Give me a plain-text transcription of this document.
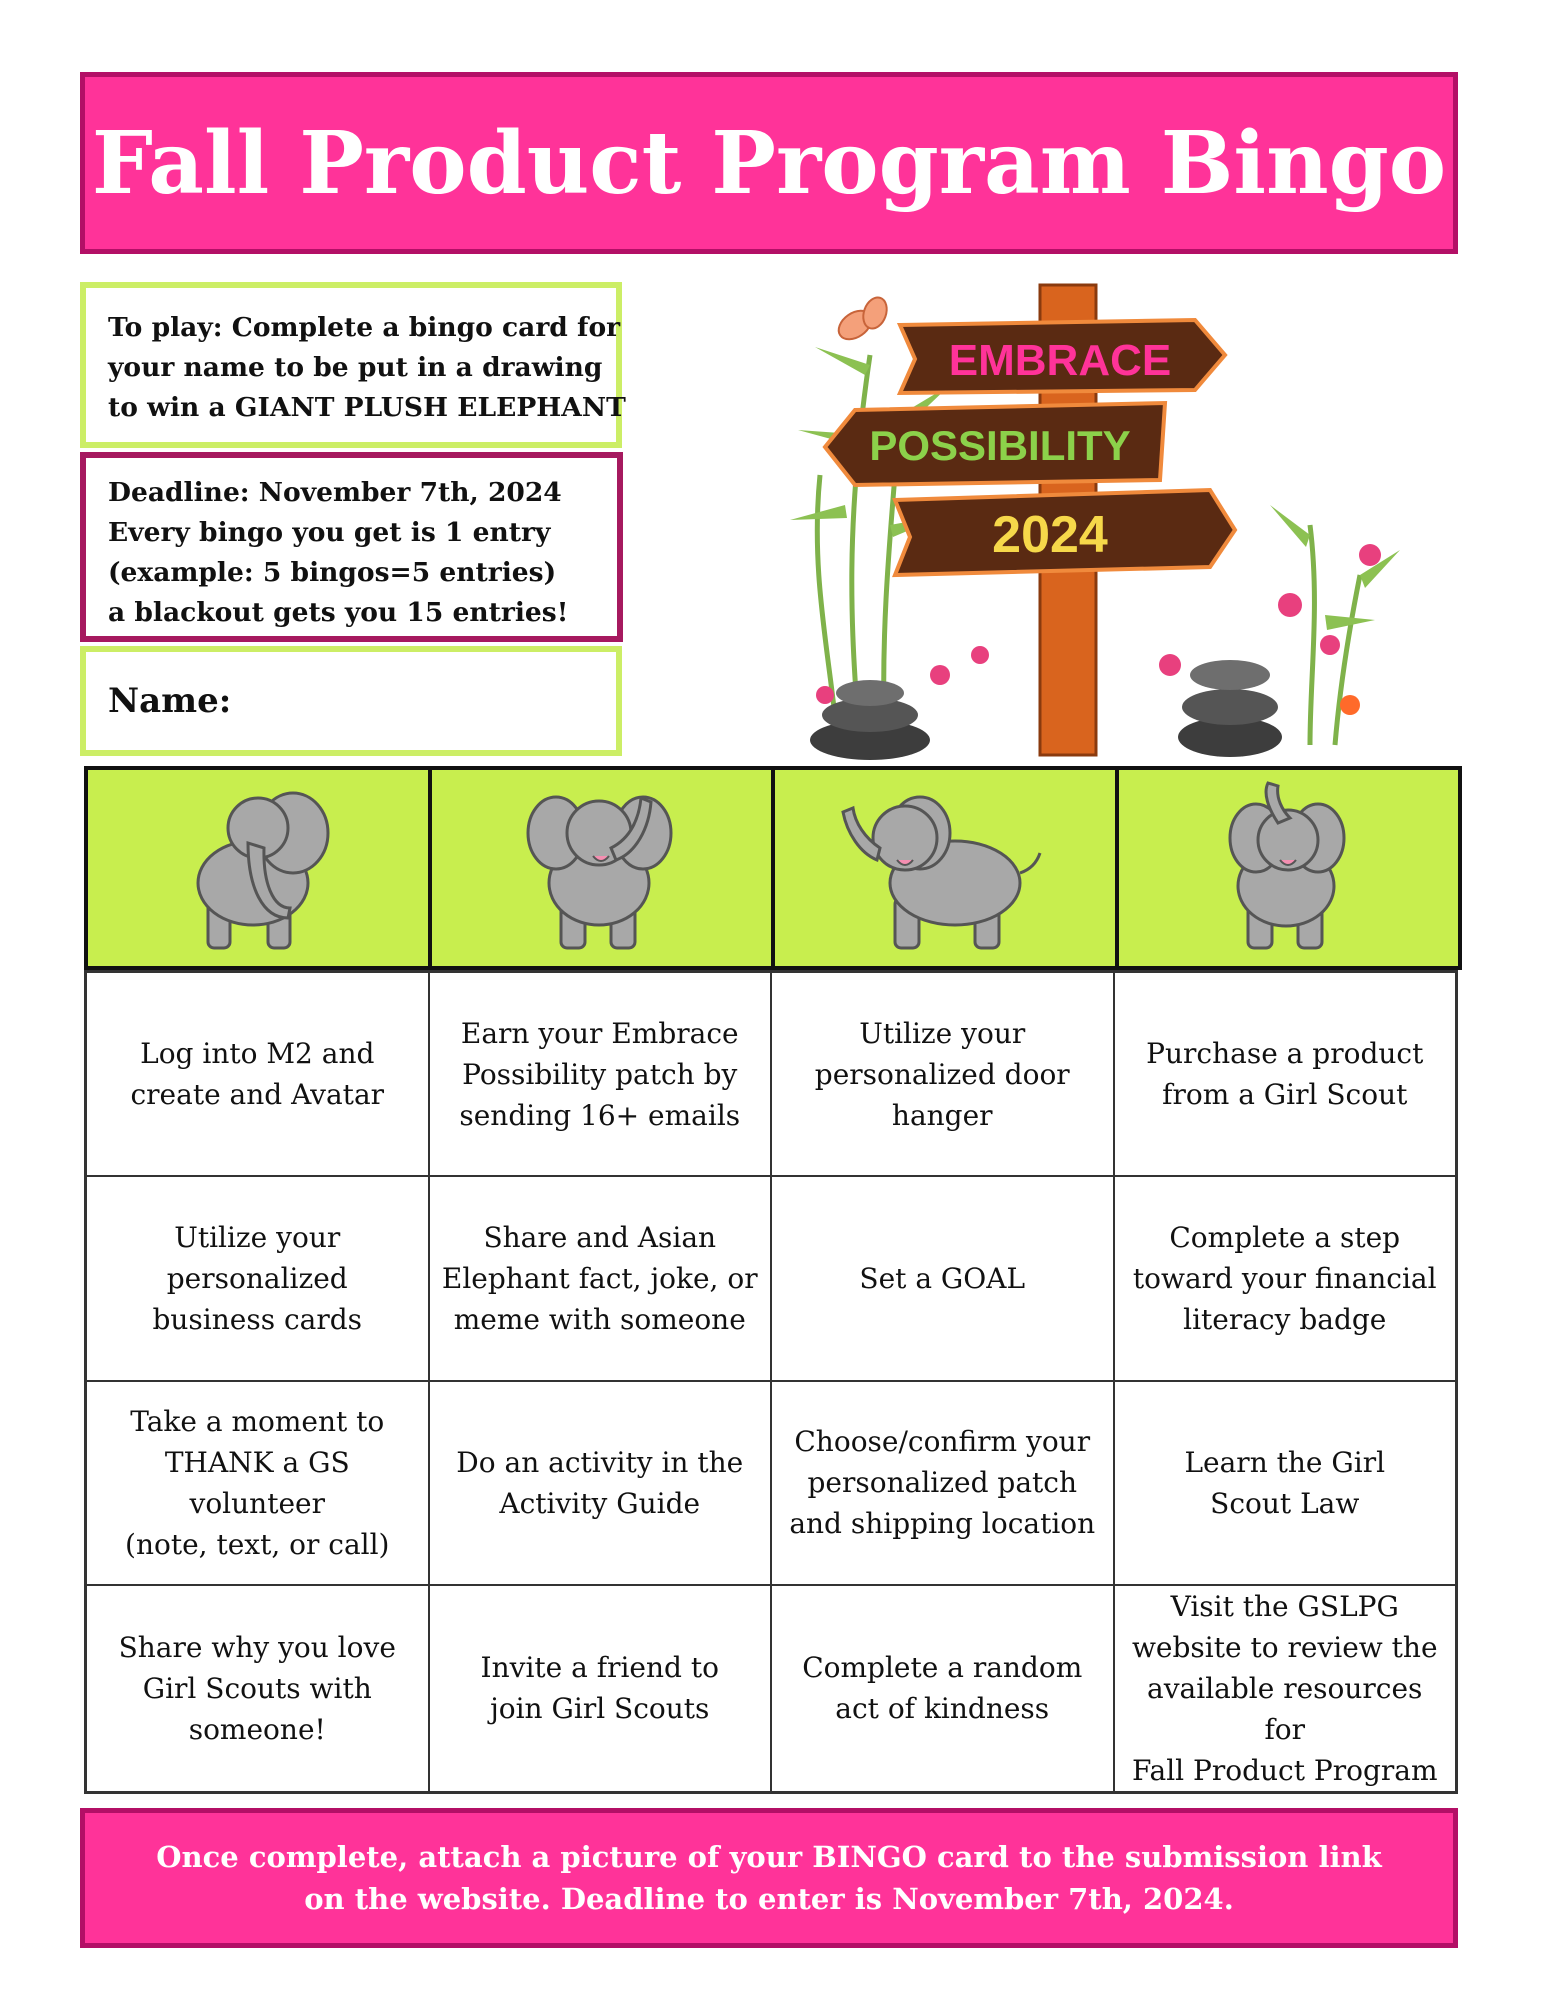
Fall Product Program Bingo
To play: Complete a bingo card for
your name to be put in a drawing
to win a GIANT PLUSH ELEPHANT
Deadline: November 7th, 2024
Every bingo you get is 1 entry
(example: 5 bingos=5 entries)
a blackout gets you 15 entries!
Name:
EMBRACE
POSSIBILITY
2024
Log into M2 and
create and Avatar
Earn your Embrace
Possibility patch by
sending 16+ emails
Utilize your
personalized door
hanger
Purchase a product
from a Girl Scout
Utilize your
personalized
business cards
Share and Asian
Elephant fact, joke, or
meme with someone
Set a GOAL
Complete a step
toward your financial
literacy badge
Take a moment to
THANK a GS volunteer
(note, text, or call)
Do an activity in the
Activity Guide
Choose/confirm your
personalized patch
and shipping location
Learn the Girl
Scout Law
Share why you love
Girl Scouts with
someone!
Invite a friend to
join Girl Scouts
Complete a random
act of kindness
Visit the GSLPG
website to review the
available resources for
Fall Product Program
Once complete, attach a picture of your BINGO card to the submission link
on the website. Deadline to enter is November 7th, 2024.
